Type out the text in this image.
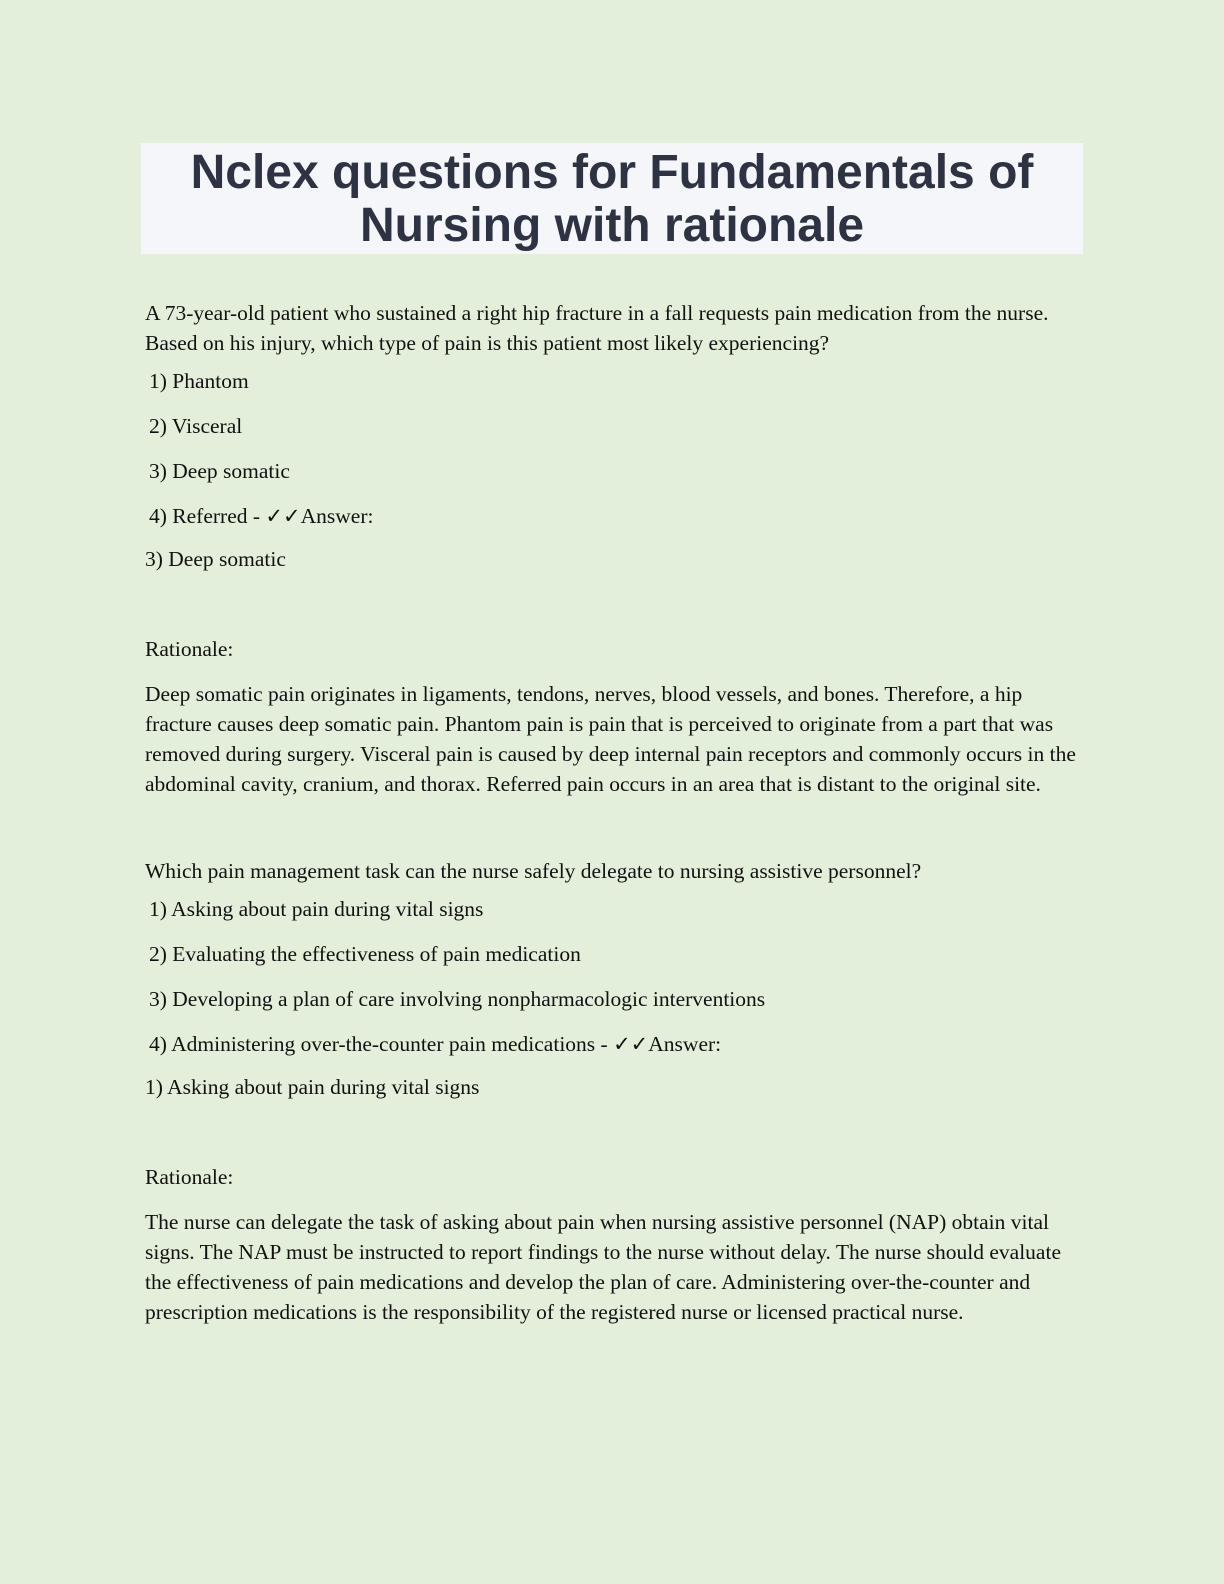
Nclex questions for Fundamentals of Nursing with rationale

A 73-year-old patient who sustained a right hip fracture in a fall requests pain medication from the nurse. Based on his injury, which type of pain is this patient most likely experiencing?

1) Phantom

2) Visceral

3) Deep somatic

4) Referred - ✓✓Answer:

3) Deep somatic

Rationale:

Deep somatic pain originates in ligaments, tendons, nerves, blood vessels, and bones. Therefore, a hip fracture causes deep somatic pain. Phantom pain is pain that is perceived to originate from a part that was removed during surgery. Visceral pain is caused by deep internal pain receptors and commonly occurs in the abdominal cavity, cranium, and thorax. Referred pain occurs in an area that is distant to the original site.

Which pain management task can the nurse safely delegate to nursing assistive personnel?

1) Asking about pain during vital signs

2) Evaluating the effectiveness of pain medication

3) Developing a plan of care involving nonpharmacologic interventions

4) Administering over-the-counter pain medications - ✓✓Answer:

1) Asking about pain during vital signs

Rationale:

The nurse can delegate the task of asking about pain when nursing assistive personnel (NAP) obtain vital signs. The NAP must be instructed to report findings to the nurse without delay. The nurse should evaluate the effectiveness of pain medications and develop the plan of care. Administering over-the-counter and prescription medications is the responsibility of the registered nurse or licensed practical nurse.
